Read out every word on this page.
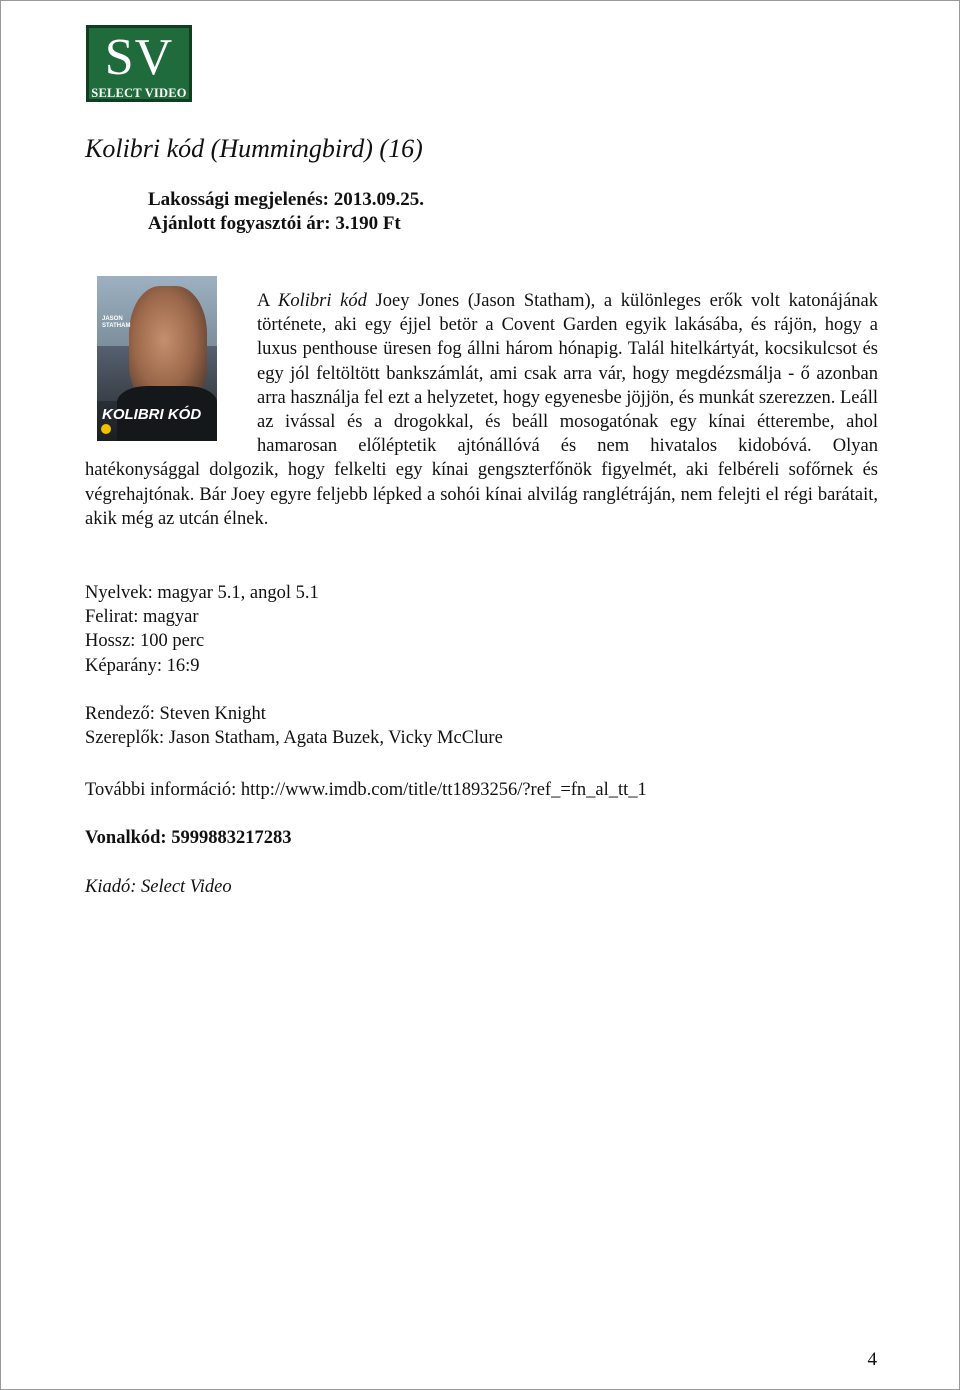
SV
SELECT VIDEO
Kolibri kód (Hummingbird) (16)
Lakossági megjelenés: 2013.09.25.
Ajánlott fogyasztói ár: 3.190 Ft
JASON
STATHAM
KOLIBRI KÓD
A Kolibri kód Joey Jones (Jason Statham), a különleges erők volt katonájának története, aki egy éjjel betör a Covent Garden egyik lakásába, és rájön, hogy a luxus penthouse üresen fog állni három hónapig. Talál hitelkártyát, kocsikulcsot és egy jól feltöltött bankszámlát, ami csak arra vár, hogy megdézsmálja - ő azonban arra használja fel ezt a helyzetet, hogy egyenesbe jöjjön, és munkát szerezzen. Leáll az ivással és a drogokkal, és beáll mosogatónak egy kínai étterembe, ahol hamarosan előléptetik ajtónállóvá és nem hivatalos kidobóvá. Olyan hatékonysággal dolgozik, hogy felkelti egy kínai gengszterfőnök figyelmét, aki felbéreli sofőrnek és végrehajtónak. Bár Joey egyre feljebb lépked a sohói kínai alvilág ranglétráján, nem felejti el régi barátait, akik még az utcán élnek.
Nyelvek: magyar 5.1, angol 5.1
Felirat: magyar
Hossz: 100 perc
Képarány: 16:9
Rendező: Steven Knight
Szereplők: Jason Statham, Agata Buzek, Vicky McClure
További információ: http://www.imdb.com/title/tt1893256/?ref_=fn_al_tt_1
Vonalkód: 5999883217283
Kiadó: Select Video
4
